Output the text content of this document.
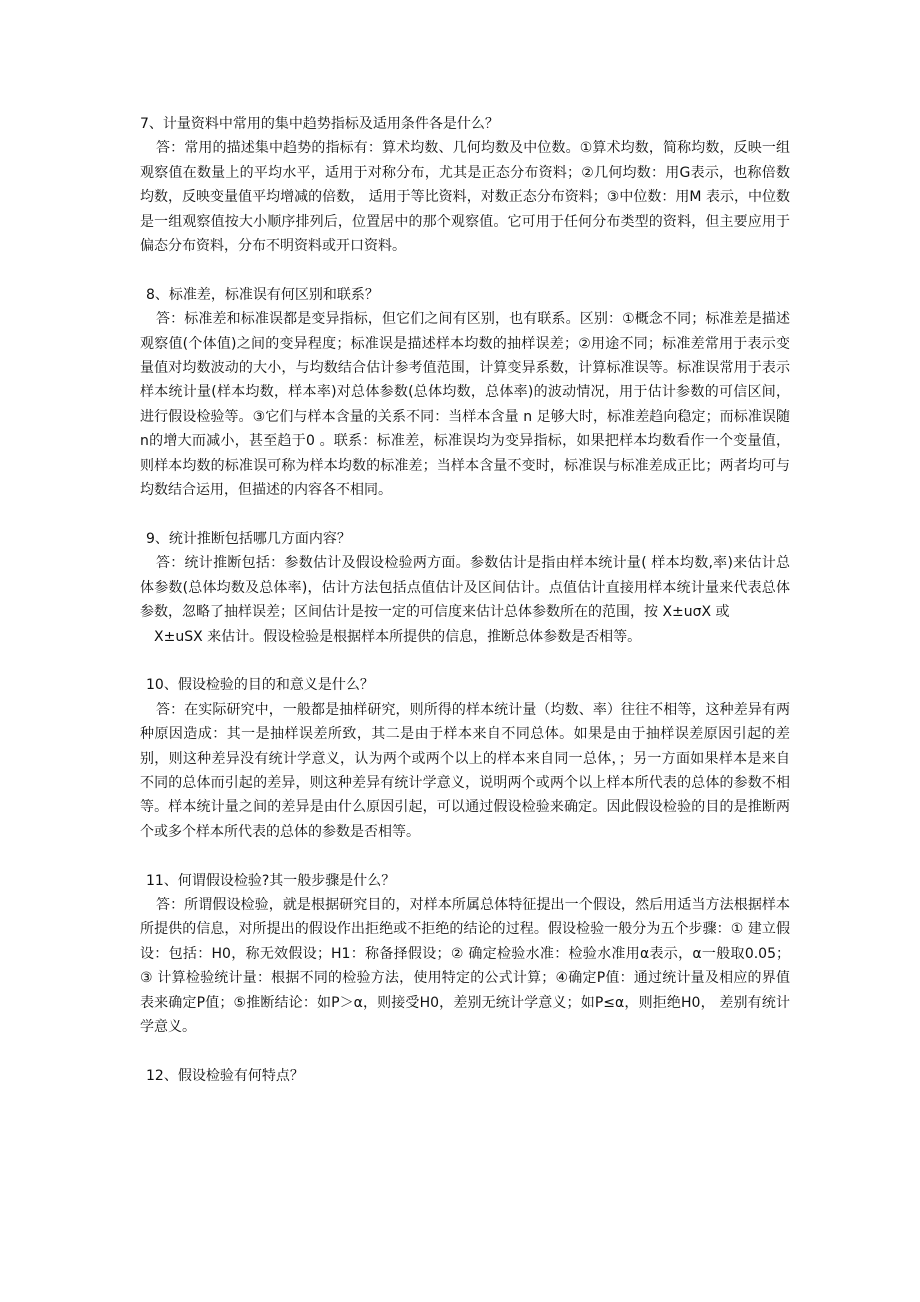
7、计量资料中常用的集中趋势指标及适用条件各是什么？

答：常用的描述集中趋势的指标有：算术均数、几何均数及中位数。①算术均数，简称均数，反映一组观察值在数量上的平均水平，适用于对称分布，尤其是正态分布资料；②几何均数：用G表示，也称倍数均数，反映变量值平均增减的倍数， 适用于等比资料，对数正态分布资料；③中位数：用M 表示，中位数是一组观察值按大小顺序排列后，位置居中的那个观察值。它可用于任何分布类型的资料，但主要应用于偏态分布资料，分布不明资料或开口资料。

8、标准差，标准误有何区别和联系？

答：标准差和标准误都是变异指标，但它们之间有区别，也有联系。区别：①概念不同；标准差是描述观察值(个体值)之间的变异程度；标准误是描述样本均数的抽样误差；②用途不同；标准差常用于表示变量值对均数波动的大小，与均数结合估计参考值范围，计算变异系数，计算标准误等。标准误常用于表示样本统计量(样本均数，样本率)对总体参数(总体均数，总体率)的波动情况，用于估计参数的可信区间，进行假设检验等。③它们与样本含量的关系不同：当样本含量 n 足够大时，标准差趋向稳定；而标准误随n的增大而减小，甚至趋于0 。联系：标准差，标准误均为变异指标，如果把样本均数看作一个变量值，则样本均数的标准误可称为样本均数的标准差；当样本含量不变时，标准误与标准差成正比；两者均可与均数结合运用，但描述的内容各不相同。

9、统计推断包括哪几方面内容？

答：统计推断包括：参数估计及假设检验两方面。参数估计是指由样本统计量( 样本均数,率)来估计总体参数(总体均数及总体率)，估计方法包括点值估计及区间估计。点值估计直接用样本统计量来代表总体参数，忽略了抽样误差；区间估计是按一定的可信度来估计总体参数所在的范围，按 X±uσX 或

X±uSX 来估计。假设检验是根据样本所提供的信息，推断总体参数是否相等。

10、假设检验的目的和意义是什么？

答：在实际研究中，一般都是抽样研究，则所得的样本统计量（均数、率）往往不相等，这种差异有两种原因造成：其一是抽样误差所致，其二是由于样本来自不同总体。如果是由于抽样误差原因引起的差别，则这种差异没有统计学意义，认为两个或两个以上的样本来自同一总体，；另一方面如果样本是来自不同的总体而引起的差异，则这种差异有统计学意义，说明两个或两个以上样本所代表的总体的参数不相等。样本统计量之间的差异是由什么原因引起，可以通过假设检验来确定。因此假设检验的目的是推断两个或多个样本所代表的总体的参数是否相等。

11、何谓假设检验?其一般步骤是什么？

答：所谓假设检验，就是根据研究目的，对样本所属总体特征提出一个假设，然后用适当方法根据样本所提供的信息，对所提出的假设作出拒绝或不拒绝的结论的过程。假设检验一般分为五个步骤：① 建立假设：包括：H0，称无效假设；H1：称备择假设；② 确定检验水准：检验水准用α表示，α一般取0.05；③ 计算检验统计量：根据不同的检验方法，使用特定的公式计算；④确定P值：通过统计量及相应的界值表来确定P值；⑤推断结论：如P＞α，则接受H0，差别无统计学意义；如P≤α，则拒绝H0， 差别有统计学意义。

12、假设检验有何特点？
